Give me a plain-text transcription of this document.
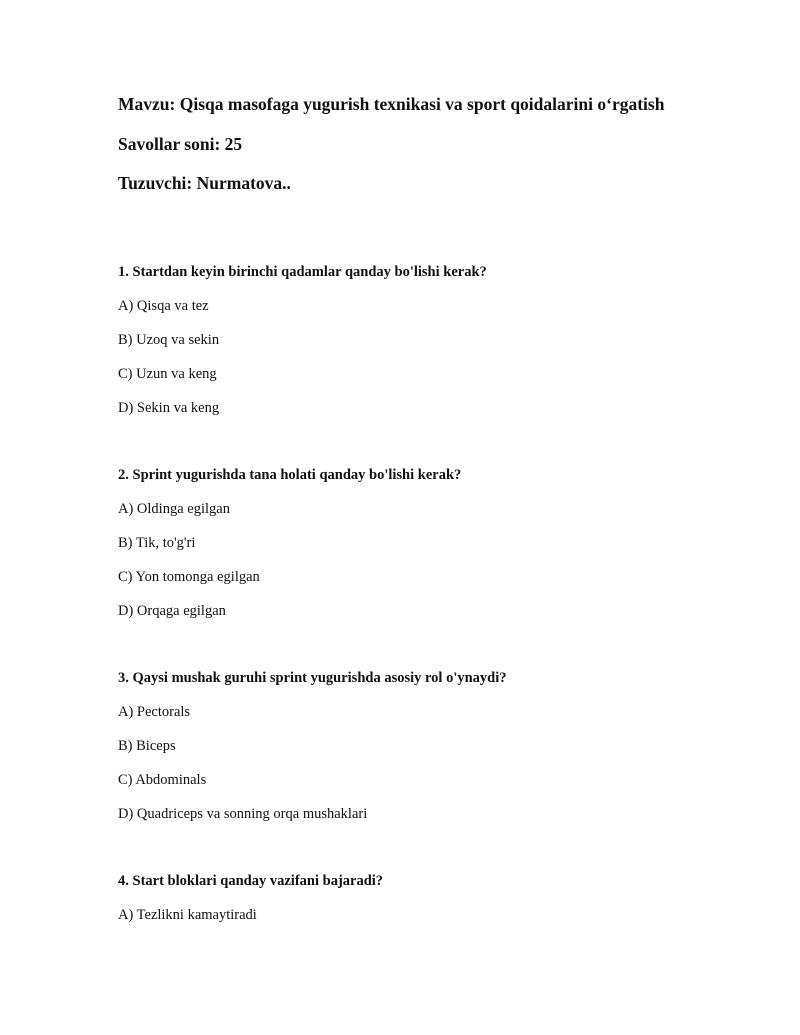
Mavzu: Qisqa masofaga yugurish texnikasi va sport qoidalarini o‘rgatish

Savollar soni: 25

Tuzuvchi: Nurmatova..

1. Startdan keyin birinchi qadamlar qanday bo'lishi kerak?

A) Qisqa va tez

B) Uzoq va sekin

C) Uzun va keng

D) Sekin va keng

2. Sprint yugurishda tana holati qanday bo'lishi kerak?

A) Oldinga egilgan

B) Tik, to'g'ri

C) Yon tomonga egilgan

D) Orqaga egilgan

3. Qaysi mushak guruhi sprint yugurishda asosiy rol o'ynaydi?

A) Pectorals

B) Biceps

C) Abdominals

D) Quadriceps va sonning orqa mushaklari

4. Start bloklari qanday vazifani bajaradi?

A) Tezlikni kamaytiradi
